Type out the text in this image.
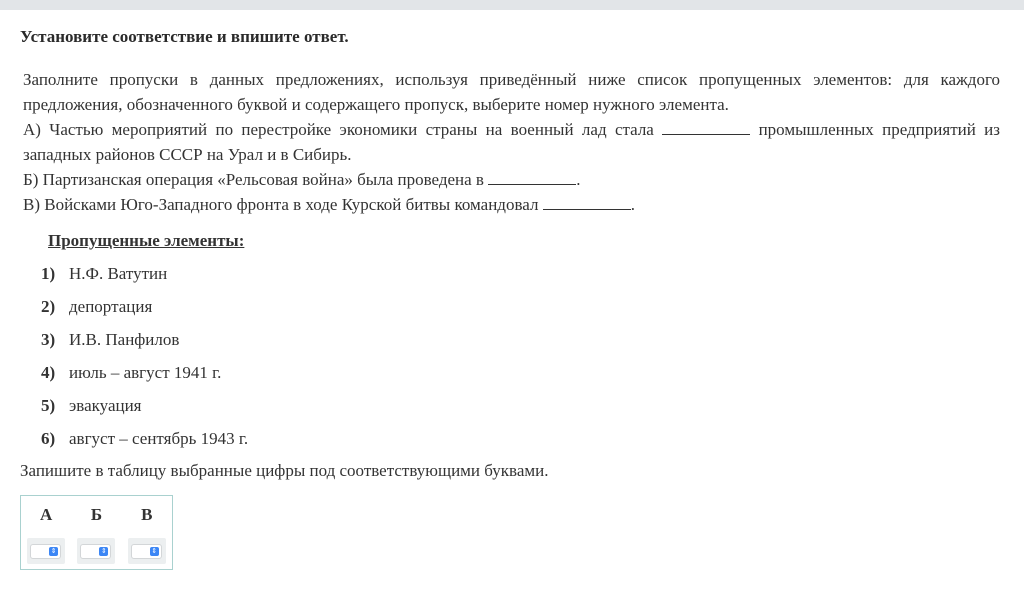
Установите соответствие и впишите ответ.

Заполните пропуски в данных предложениях, используя приведённый ниже список пропущенных элементов: для каждого предложения, обозначенного буквой и содержащего пропуск, выберите номер нужного элемента.

А) Частью мероприятий по перестройке экономики страны на военный лад стала	промышленных предприятий из западных районов СССР на Урал и в Сибирь.

Б) Партизанская операция «Рельсовая война» была проведена в	.

В) Войсками Юго-Западного фронта в ходе Курской битвы командовал	.

Пропущенные элементы:
1) Н.Ф. Ватутин
2) депортация
3) И.В. Панфилов
4) июль – август 1941 г.
5) эвакуация
6) август – сентябрь 1943 г.
Запишите в таблицу выбранные цифры под соответствующими буквами.
А	Б	В

⇕	⇕	⇕
